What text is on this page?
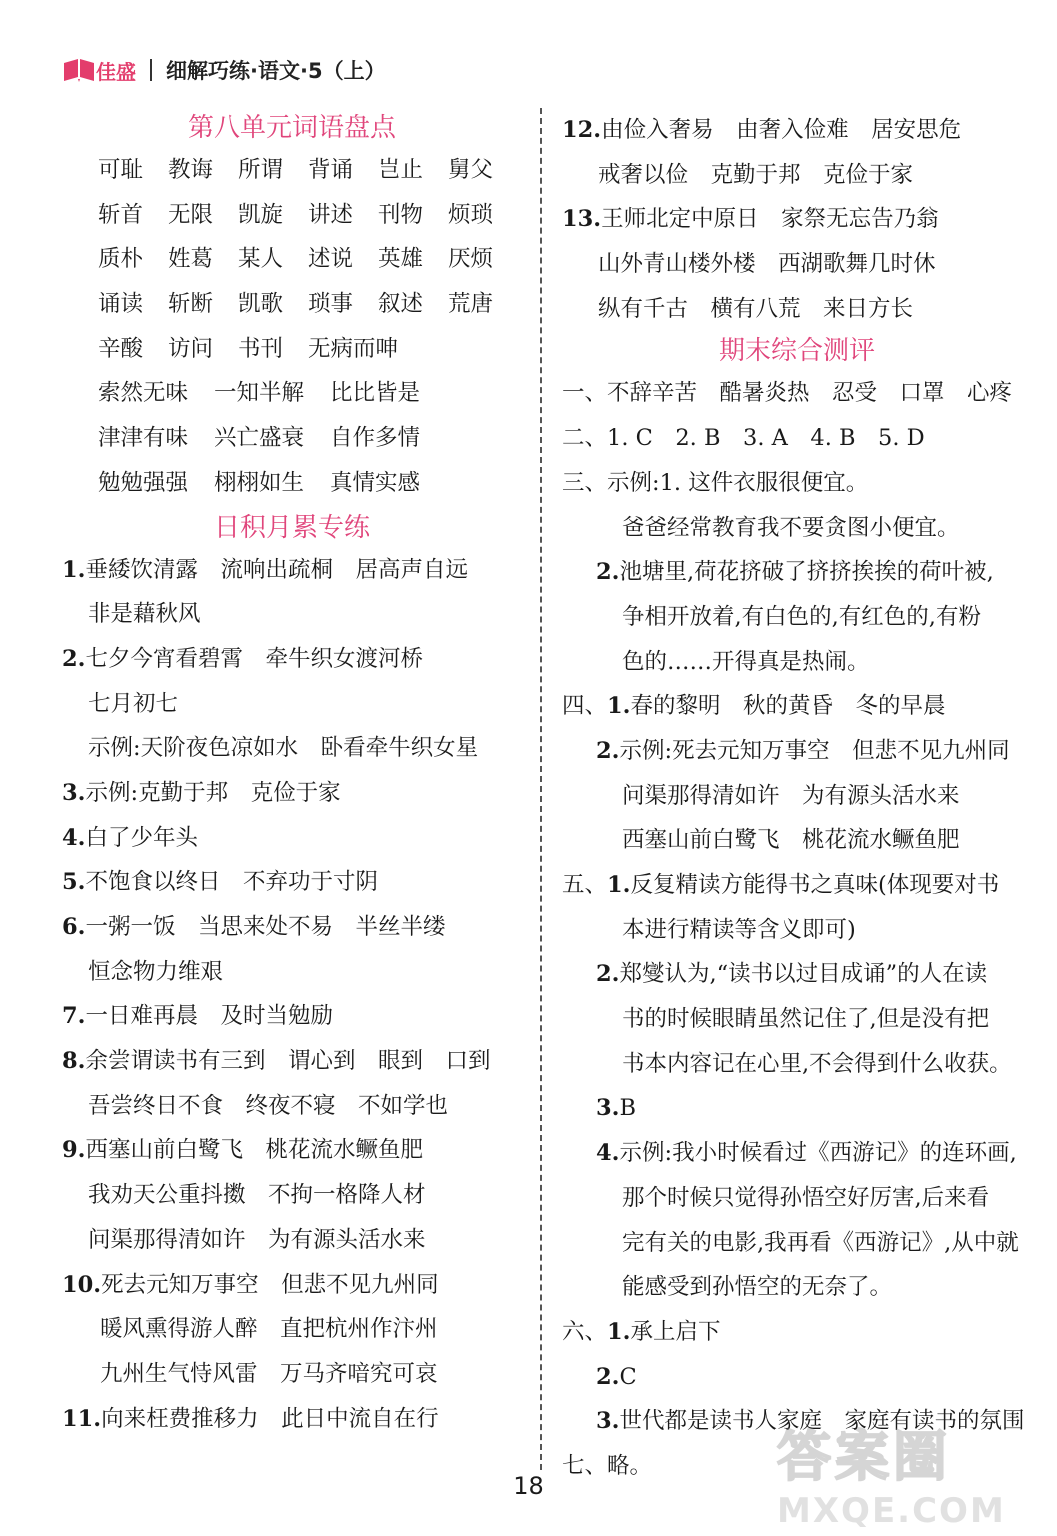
佳盛 细解巧练·语文·5（上）
第八单元词语盘点
可耻	教诲	所谓	背诵	岂止	舅父
斩首	无限	凯旋	讲述	刊物	烦琐
质朴	姓葛	某人	述说	英雄	厌烦
诵读	斩断	凯歌	琐事	叙述	荒唐
辛酸 访问 书刊 无病而呻
索然无味 一知半解 比比皆是
津津有味 兴亡盛衰 自作多情
勉勉强强 栩栩如生 真情实感
日积月累专练
1.垂緌饮清露　流响出疏桐　居高声自远
非是藉秋风
2.七夕今宵看碧霄　牵牛织女渡河桥
七月初七
示例:天阶夜色凉如水　卧看牵牛织女星
3.示例:克勤于邦　克俭于家
4.白了少年头
5.不饱食以终日　不弃功于寸阴
6.一粥一饭　当思来处不易　半丝半缕
恒念物力维艰
7.一日难再晨　及时当勉励
8.余尝谓读书有三到　谓心到　眼到　口到
吾尝终日不食　终夜不寝　不如学也
9.西塞山前白鹭飞　桃花流水鳜鱼肥
我劝天公重抖擞　不拘一格降人材
问渠那得清如许　为有源头活水来
10.死去元知万事空　但悲不见九州同
暖风熏得游人醉　直把杭州作汴州
九州生气恃风雷　万马齐喑究可哀
11.向来枉费推移力　此日中流自在行
12.由俭入奢易　由奢入俭难　居安思危
戒奢以俭　克勤于邦　克俭于家
13.王师北定中原日　家祭无忘告乃翁
山外青山楼外楼　西湖歌舞几时休
纵有千古　横有八荒　来日方长
期末综合测评
一、不辞辛苦　酷暑炎热　忍受　口罩　心疼
二、1. C　2. B　3. A　4. B　5. D
三、示例:1. 这件衣服很便宜。
爸爸经常教育我不要贪图小便宜。
2.池塘里,荷花挤破了挤挤挨挨的荷叶被,
争相开放着,有白色的,有红色的,有粉
色的……开得真是热闹。
四、1.春的黎明　秋的黄昏　冬的早晨
2.示例:死去元知万事空　但悲不见九州同
问渠那得清如许　为有源头活水来
西塞山前白鹭飞　桃花流水鳜鱼肥
五、1.反复精读方能得书之真味(体现要对书
本进行精读等含义即可)
2.郑燮认为,“读书以过目成诵”的人在读
书的时候眼睛虽然记住了,但是没有把
书本内容记在心里,不会得到什么收获。
3.B
4.示例:我小时候看过《西游记》的连环画,
那个时候只觉得孙悟空好厉害,后来看
完有关的电影,我再看《西游记》,从中就
能感受到孙悟空的无奈了。
六、1.承上启下
2.C
3.世代都是读书人家庭　家庭有读书的氛围
七、略。
18	答案圈
MXQE.COM
